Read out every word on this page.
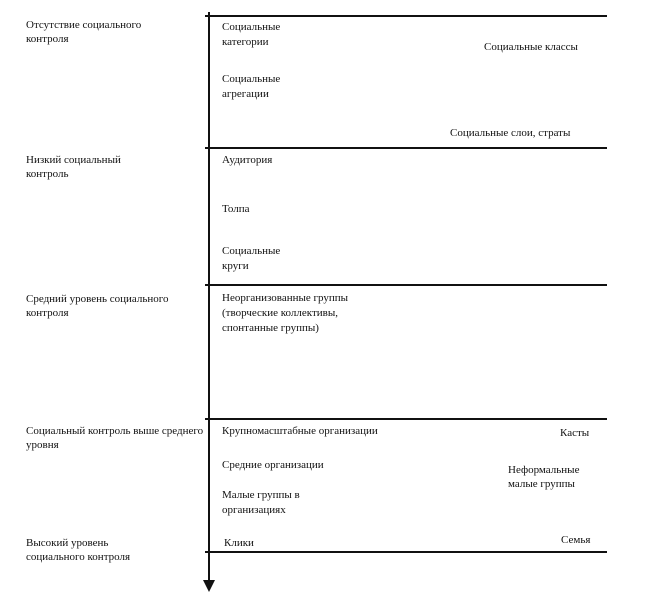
Отсутствие социального контроля
Низкий социальный контроль
Средний уровень социального контроля
Социальный контроль выше среднего уровня
Высокий уровень социального контроля
Социальные категории
Социальные агрегации
Аудитория
Толпа
Социальные круги
Неорганизованные группы (творческие коллективы, спонтанные группы)
Крупномасштабные организации
Средние организации
Малые группы в организациях
Клики
Социальные классы
Социальные слои, страты
Касты
Неформальные малые группы
Семья
